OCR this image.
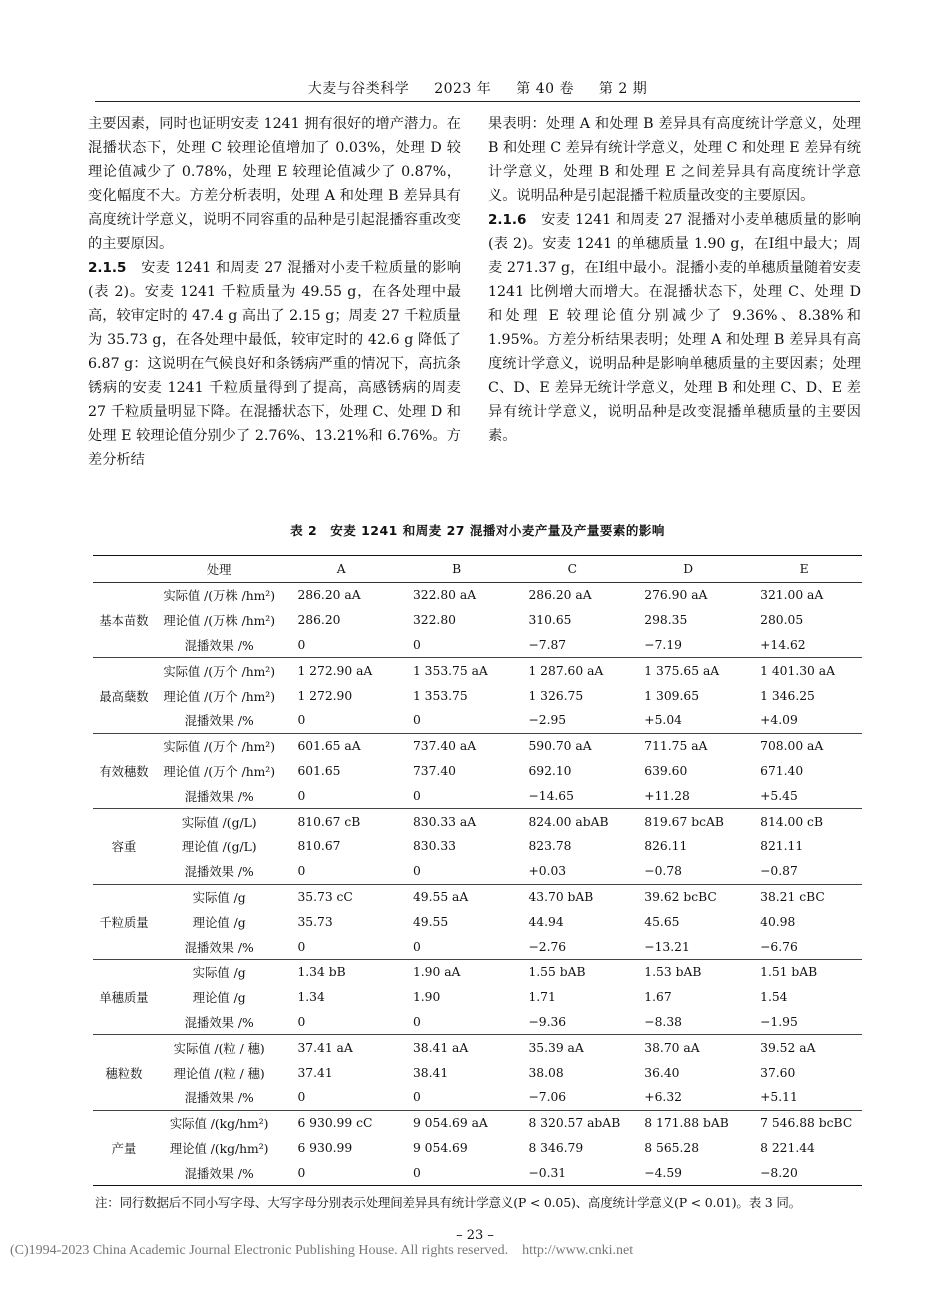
大麦与谷类科学 2023 年 第 40 卷 第 2 期

主要因素，同时也证明安麦 1241 拥有很好的增产潜力。在混播状态下，处理 C 较理论值增加了 0.03%，处理 D 较理论值减少了 0.78%，处理 E 较理论值减少了 0.87%，变化幅度不大。方差分析表明，处理 A 和处理 B 差异具有高度统计学意义，说明不同容重的品种是引起混播容重改变的主要原因。

2.1.5　安麦 1241 和周麦 27 混播对小麦千粒质量的影响(表 2)。安麦 1241 千粒质量为 49.55 g，在各处理中最高，较审定时的 47.4 g 高出了 2.15 g；周麦 27 千粒质量为 35.73 g，在各处理中最低，较审定时的 42.6 g 降低了 6.87 g：这说明在气候良好和条锈病严重的情况下，高抗条锈病的安麦 1241 千粒质量得到了提高，高感锈病的周麦 27 千粒质量明显下降。在混播状态下，处理 C、处理 D 和处理 E 较理论值分别少了 2.76%、13.21%和 6.76%。方差分析结

果表明：处理 A 和处理 B 差异具有高度统计学意义，处理 B 和处理 C 差异有统计学意义，处理 C 和处理 E 差异有统计学意义，处理 B 和处理 E 之间差异具有高度统计学意义。说明品种是引起混播千粒质量改变的主要原因。

2.1.6　安麦 1241 和周麦 27 混播对小麦单穗质量的影响(表 2)。安麦 1241 的单穗质量 1.90 g，在Ⅰ组中最大；周麦 271.37 g，在Ⅰ组中最小。混播小麦的单穗质量随着安麦 1241 比例增大而增大。在混播状态下，处理 C、处理 D 和处理 E 较理论值分别减少了 9.36%、8.38%和 1.95%。方差分析结果表明；处理 A 和处理 B 差异具有高度统计学意义，说明品种是影响单穗质量的主要因素；处理 C、D、E 差异无统计学意义，处理 B 和处理 C、D、E 差异有统计学意义，说明品种是改变混播单穗质量的主要因素。

表 2　安麦 1241 和周麦 27 混播对小麦产量及产量要素的影响
	处理	A	B	C	D	E
基本苗数	实际值 /(万株 /hm²)	286.20 aA	322.80 aA	286.20 aA	276.90 aA	321.00 aA
	理论值 /(万株 /hm²)	286.20	322.80	310.65	298.35	280.05
	混播效果 /%	0	0	−7.87	−7.19	+14.62
最高蘖数	实际值 /(万个 /hm²)	1 272.90 aA	1 353.75 aA	1 287.60 aA	1 375.65 aA	1 401.30 aA
	理论值 /(万个 /hm²)	1 272.90	1 353.75	1 326.75	1 309.65	1 346.25
	混播效果 /%	0	0	−2.95	+5.04	+4.09
有效穗数	实际值 /(万个 /hm²)	601.65 aA	737.40 aA	590.70 aA	711.75 aA	708.00 aA
	理论值 /(万个 /hm²)	601.65	737.40	692.10	639.60	671.40
	混播效果 /%	0	0	−14.65	+11.28	+5.45
容重	实际值 /(g/L)	810.67 cB	830.33 aA	824.00 abAB	819.67 bcAB	814.00 cB
	理论值 /(g/L)	810.67	830.33	823.78	826.11	821.11
	混播效果 /%	0	0	+0.03	−0.78	−0.87
千粒质量	实际值 /g	35.73 cC	49.55 aA	43.70 bAB	39.62 bcBC	38.21 cBC
	理论值 /g	35.73	49.55	44.94	45.65	40.98
	混播效果 /%	0	0	−2.76	−13.21	−6.76
单穗质量	实际值 /g	1.34 bB	1.90 aA	1.55 bAB	1.53 bAB	1.51 bAB
	理论值 /g	1.34	1.90	1.71	1.67	1.54
	混播效果 /%	0	0	−9.36	−8.38	−1.95
穗粒数	实际值 /(粒 / 穗)	37.41 aA	38.41 aA	35.39 aA	38.70 aA	39.52 aA
	理论值 /(粒 / 穗)	37.41	38.41	38.08	36.40	37.60
	混播效果 /%	0	0	−7.06	+6.32	+5.11
产量	实际值 /(kg/hm²)	6 930.99 cC	9 054.69 aA	8 320.57 abAB	8 171.88 bAB	7 546.88 bcBC
	理论值 /(kg/hm²)	6 930.99	9 054.69	8 346.79	8 565.28	8 221.44
	混播效果 /%	0	0	−0.31	−4.59	−8.20
注：同行数据后不同小写字母、大写字母分别表示处理间差异具有统计学意义(P < 0.05)、高度统计学意义(P < 0.01)。表 3 同。
– 23 –
(C)1994-2023 China Academic Journal Electronic Publishing House. All rights reserved. http://www.cnki.net
